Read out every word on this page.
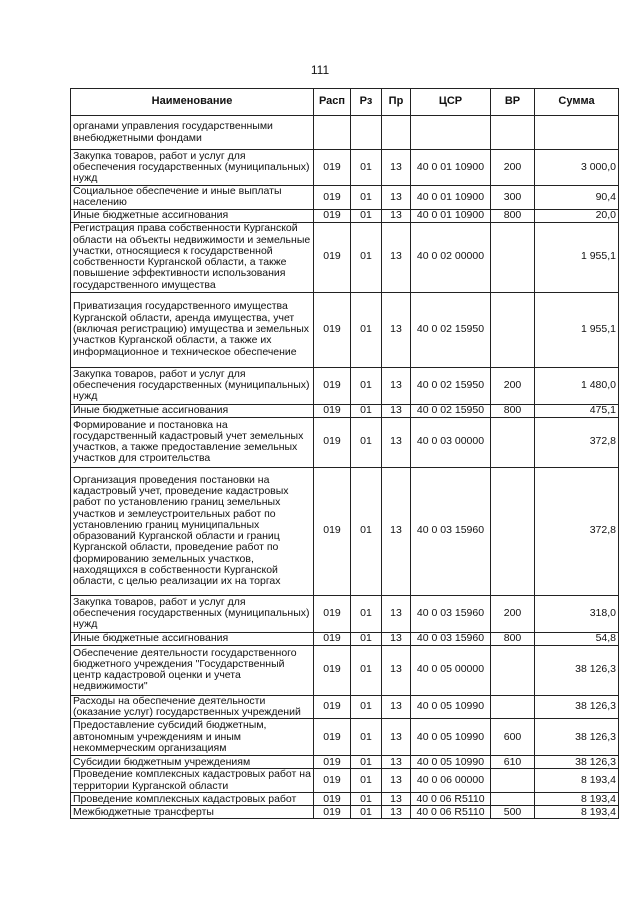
111
Наименование	Расп	Рз	Пр	ЦСР	ВР	Сумма
органами управления государственными внебюджетными фондами						
Закупка товаров, работ и услуг для обеспечения государственных (муниципальных) нужд	019	01	13	40 0 01 10900	200	3 000,0
Социальное обеспечение и иные выплаты населению	019	01	13	40 0 01 10900	300	90,4
Иные бюджетные ассигнования	019	01	13	40 0 01 10900	800	20,0
Регистрация права собственности Курганской области на объекты недвижимости и земельные участки, относящиеся к государственной собственности Курганской области, а также повышение эффективности использования государственного имущества	019	01	13	40 0 02 00000		1 955,1
Приватизация государственного имущества Курганской области, аренда имущества, учет (включая регистрацию) имущества и земельных участков Курганской области, а также их информационное и техническое обеспечение	019	01	13	40 0 02 15950		1 955,1
Закупка товаров, работ и услуг для обеспечения государственных (муниципальных) нужд	019	01	13	40 0 02 15950	200	1 480,0
Иные бюджетные ассигнования	019	01	13	40 0 02 15950	800	475,1
Формирование и постановка на государственный кадастровый учет земельных участков, а также предоставление земельных участков для строительства	019	01	13	40 0 03 00000		372,8
Организация проведения постановки на кадастровый учет, проведение кадастровых работ по установлению границ земельных участков и землеустроительных работ по установлению границ муниципальных образований Курганской области и границ Курганской области, проведение работ по формированию земельных участков, находящихся в собственности Курганской области, с целью реализации их на торгах	019	01	13	40 0 03 15960		372,8
Закупка товаров, работ и услуг для обеспечения государственных (муниципальных) нужд	019	01	13	40 0 03 15960	200	318,0
Иные бюджетные ассигнования	019	01	13	40 0 03 15960	800	54,8
Обеспечение деятельности государственного бюджетного учреждения "Государственный центр кадастровой оценки и учета недвижимости"	019	01	13	40 0 05 00000		38 126,3
Расходы на обеспечение деятельности (оказание услуг) государственных учреждений	019	01	13	40 0 05 10990		38 126,3
Предоставление субсидий бюджетным, автономным учреждениям и иным некоммерческим организациям	019	01	13	40 0 05 10990	600	38 126,3
Субсидии бюджетным учреждениям	019	01	13	40 0 05 10990	610	38 126,3
Проведение комплексных кадастровых работ на территории Курганской области	019	01	13	40 0 06 00000		8 193,4
Проведение комплексных кадастровых работ	019	01	13	40 0 06 R5110		8 193,4
Межбюджетные трансферты	019	01	13	40 0 06 R5110	500	8 193,4
